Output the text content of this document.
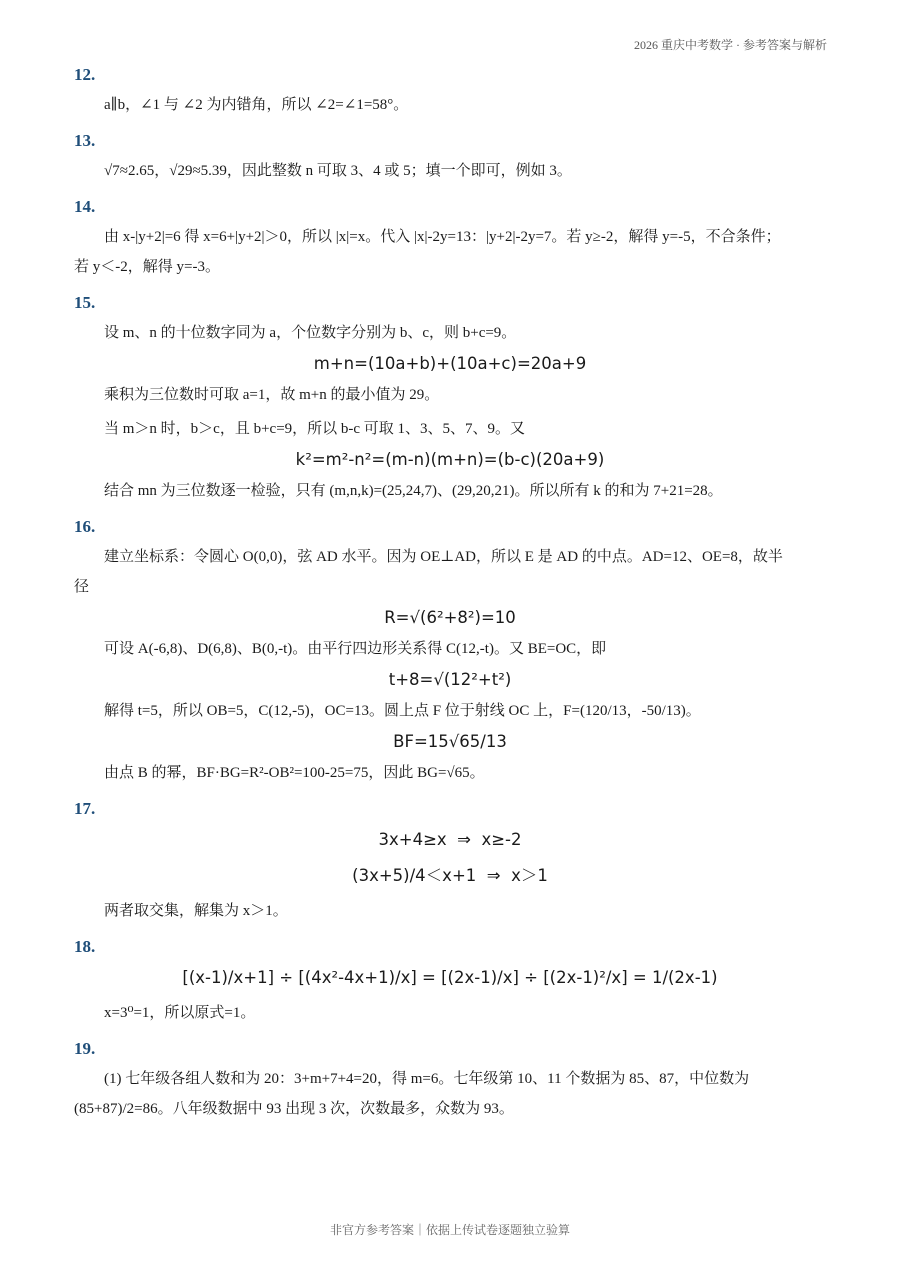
2026 重庆中考数学 · 参考答案与解析

12.

a∥b，∠1 与 ∠2 为内错角，所以 ∠2=∠1=58°。

13.

√7≈2.65，√29≈5.39，因此整数 n 可取 3、4 或 5；填一个即可，例如 3。

14.

由 x-|y+2|=6 得 x=6+|y+2|＞0，所以 |x|=x。代入 |x|-2y=13：|y+2|-2y=7。若 y≥-2，解得 y=-5，不合条件；
若 y＜-2，解得 y=-3。

15.

设 m、n 的十位数字同为 a，个位数字分别为 b、c，则 b+c=9。

m+n=(10a+b)+(10a+c)=20a+9

乘积为三位数时可取 a=1，故 m+n 的最小值为 29。

当 m＞n 时，b＞c，且 b+c=9，所以 b-c 可取 1、3、5、7、9。又

k²=m²-n²=(m-n)(m+n)=(b-c)(20a+9)

结合 mn 为三位数逐一检验，只有 (m,n,k)=(25,24,7)、(29,20,21)。所以所有 k 的和为 7+21=28。

16.

建立坐标系：令圆心 O(0,0)，弦 AD 水平。因为 OE⊥AD，所以 E 是 AD 的中点。AD=12、OE=8，故半
径

R=√(6²+8²)=10

可设 A(-6,8)、D(6,8)、B(0,-t)。由平行四边形关系得 C(12,-t)。又 BE=OC，即

t+8=√(12²+t²)

解得 t=5，所以 OB=5，C(12,-5)，OC=13。圆上点 F 位于射线 OC 上，F=(120/13，-50/13)。

BF=15√65/13

由点 B 的幂，BF·BG=R²-OB²=100-25=75，因此 BG=√65。

17.

3x+4≥x  ⇒  x≥-2

(3x+5)/4＜x+1  ⇒  x＞1

两者取交集，解集为 x＞1。

18.

[(x-1)/x+1] ÷ [(4x²-4x+1)/x] = [(2x-1)/x] ÷ [(2x-1)²/x] = 1/(2x-1)

x=3⁰=1，所以原式=1。

19.

(1) 七年级各组人数和为 20：3+m+7+4=20，得 m=6。七年级第 10、11 个数据为 85、87，中位数为
(85+87)/2=86。八年级数据中 93 出现 3 次，次数最多，众数为 93。

非官方参考答案｜依据上传试卷逐题独立验算
